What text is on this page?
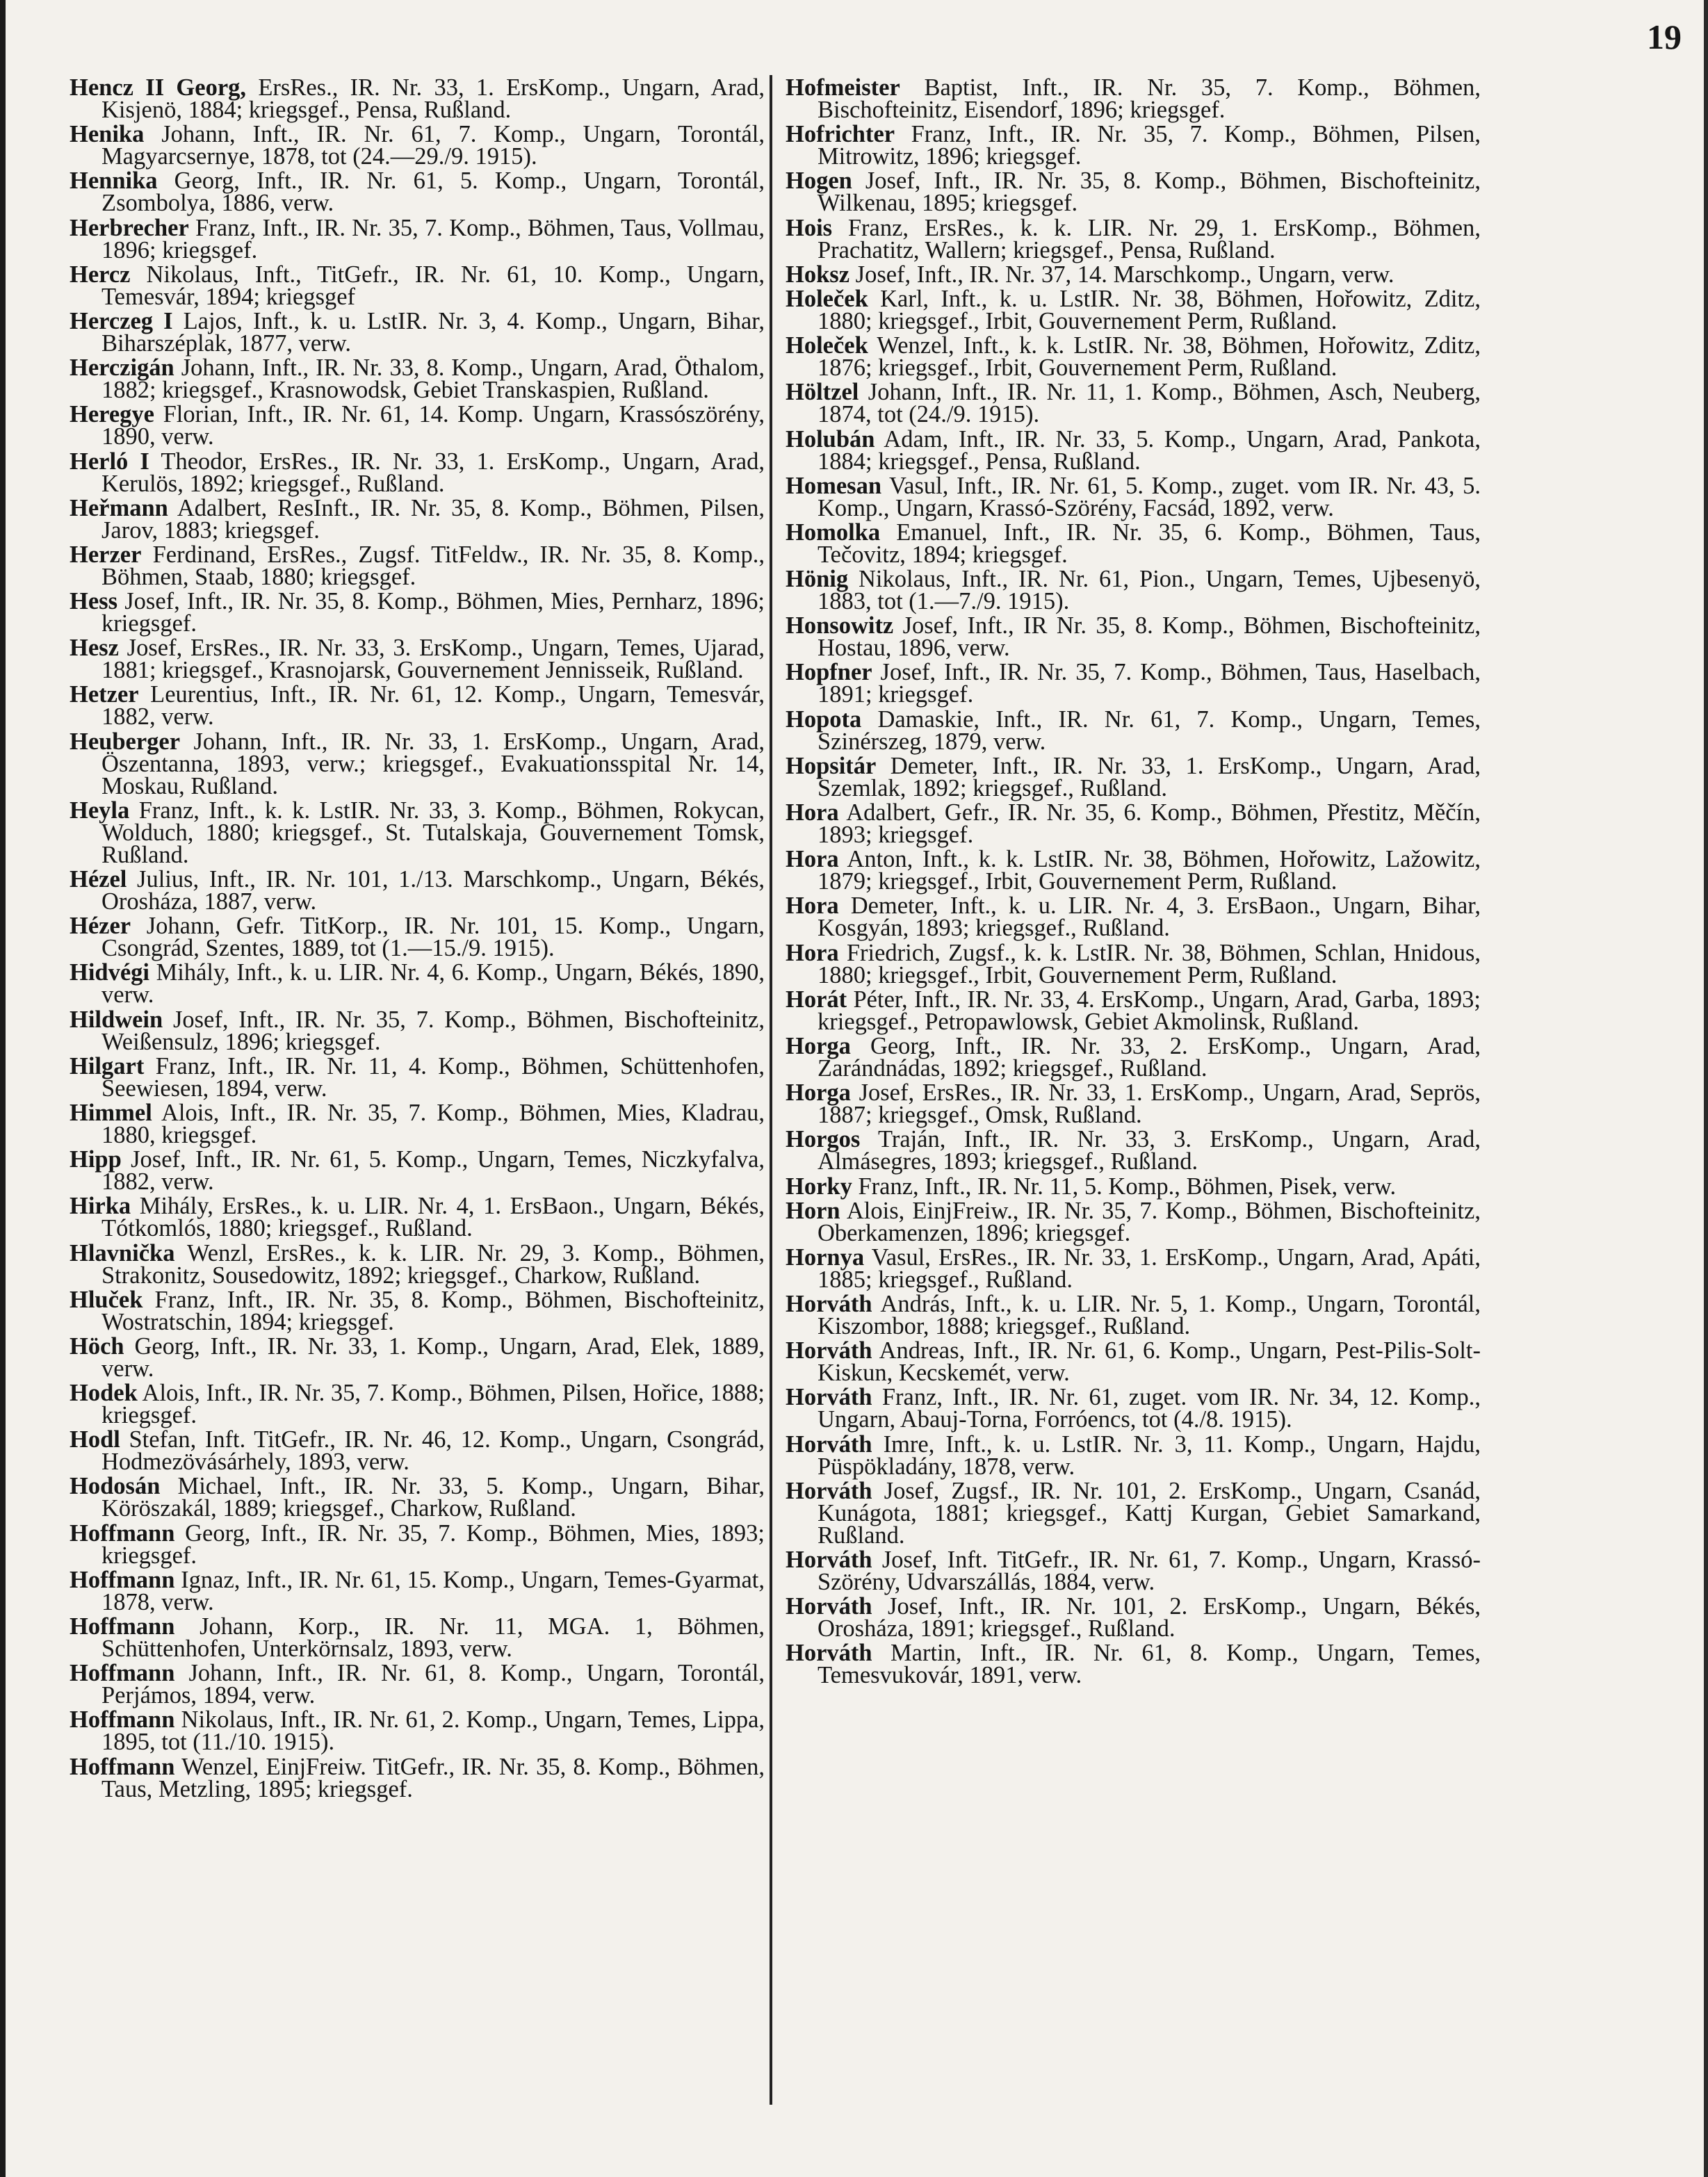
19
Hencz II Georg, ErsRes., IR. Nr. 33, 1. ErsKomp., Ungarn, Arad, Kisjenö, 1884; kriegsgef., Pensa, Rußland.
Henika Johann, Inft., IR. Nr. 61, 7. Komp., Ungarn, Torontál, Magyarcsernye, 1878, tot (24.—29./9. 1915).
Hennika Georg, Inft., IR. Nr. 61, 5. Komp., Ungarn, Torontál, Zsombolya, 1886, verw.
Herbrecher Franz, Inft., IR. Nr. 35, 7. Komp., Böhmen, Taus, Vollmau, 1896; kriegsgef.
Hercz Nikolaus, Inft., TitGefr., IR. Nr. 61, 10. Komp., Ungarn, Temesvár, 1894; kriegsgef
Herczeg I Lajos, Inft., k. u. LstIR. Nr. 3, 4. Komp., Ungarn, Bihar, Biharszéplak, 1877, verw.
Herczigán Johann, Inft., IR. Nr. 33, 8. Komp., Ungarn, Arad, Öthalom, 1882; kriegsgef., Krasnowodsk, Gebiet Transkaspien, Rußland.
Heregye Florian, Inft., IR. Nr. 61, 14. Komp. Ungarn, Krassószörény, 1890, verw.
Herló I Theodor, ErsRes., IR. Nr. 33, 1. ErsKomp., Ungarn, Arad, Kerulös, 1892; kriegsgef., Rußland.
Heřmann Adalbert, ResInft., IR. Nr. 35, 8. Komp., Böhmen, Pilsen, Jarov, 1883; kriegsgef.
Herzer Ferdinand, ErsRes., Zugsf. TitFeldw., IR. Nr. 35, 8. Komp., Böhmen, Staab, 1880; kriegsgef.
Hess Josef, Inft., IR. Nr. 35, 8. Komp., Böhmen, Mies, Pernharz, 1896; kriegsgef.
Hesz Josef, ErsRes., IR. Nr. 33, 3. ErsKomp., Ungarn, Temes, Ujarad, 1881; kriegsgef., Krasnojarsk, Gouvernement Jennisseik, Rußland.
Hetzer Leurentius, Inft., IR. Nr. 61, 12. Komp., Ungarn, Temesvár, 1882, verw.
Heuberger Johann, Inft., IR. Nr. 33, 1. ErsKomp., Ungarn, Arad, Öszentanna, 1893, verw.; kriegsgef., Evakuationsspital Nr. 14, Moskau, Rußland.
Heyla Franz, Inft., k. k. LstIR. Nr. 33, 3. Komp., Böhmen, Rokycan, Wolduch, 1880; kriegsgef., St. Tutalskaja, Gouvernement Tomsk, Rußland.
Hézel Julius, Inft., IR. Nr. 101, 1./13. Marschkomp., Ungarn, Békés, Orosháza, 1887, verw.
Hézer Johann, Gefr. TitKorp., IR. Nr. 101, 15. Komp., Ungarn, Csongrád, Szentes, 1889, tot (1.—15./9. 1915).
Hidvégi Mihály, Inft., k. u. LIR. Nr. 4, 6. Komp., Ungarn, Békés, 1890, verw.
Hildwein Josef, Inft., IR. Nr. 35, 7. Komp., Böhmen, Bischofteinitz, Weißensulz, 1896; kriegsgef.
Hilgart Franz, Inft., IR. Nr. 11, 4. Komp., Böhmen, Schüttenhofen, Seewiesen, 1894, verw.
Himmel Alois, Inft., IR. Nr. 35, 7. Komp., Böhmen, Mies, Kladrau, 1880, kriegsgef.
Hipp Josef, Inft., IR. Nr. 61, 5. Komp., Ungarn, Temes, Niczkyfalva, 1882, verw.
Hirka Mihály, ErsRes., k. u. LIR. Nr. 4, 1. ErsBaon., Ungarn, Békés, Tótkomlós, 1880; kriegsgef., Rußland.
Hlavnička Wenzl, ErsRes., k. k. LIR. Nr. 29, 3. Komp., Böhmen, Strakonitz, Sousedowitz, 1892; kriegsgef., Charkow, Rußland.
Hluček Franz, Inft., IR. Nr. 35, 8. Komp., Böhmen, Bischofteinitz, Wostratschin, 1894; kriegsgef.
Höch Georg, Inft., IR. Nr. 33, 1. Komp., Ungarn, Arad, Elek, 1889, verw.
Hodek Alois, Inft., IR. Nr. 35, 7. Komp., Böhmen, Pilsen, Hořice, 1888; kriegsgef.
Hodl Stefan, Inft. TitGefr., IR. Nr. 46, 12. Komp., Ungarn, Csongrád, Hodmezövásárhely, 1893, verw.
Hodosán Michael, Inft., IR. Nr. 33, 5. Komp., Ungarn, Bihar, Köröszakál, 1889; kriegsgef., Charkow, Rußland.
Hoffmann Georg, Inft., IR. Nr. 35, 7. Komp., Böhmen, Mies, 1893; kriegsgef.
Hoffmann Ignaz, Inft., IR. Nr. 61, 15. Komp., Ungarn, Temes-Gyarmat, 1878, verw.
Hoffmann Johann, Korp., IR. Nr. 11, MGA. 1, Böhmen, Schüttenhofen, Unterkörnsalz, 1893, verw.
Hoffmann Johann, Inft., IR. Nr. 61, 8. Komp., Ungarn, Torontál, Perjámos, 1894, verw.
Hoffmann Nikolaus, Inft., IR. Nr. 61, 2. Komp., Ungarn, Temes, Lippa, 1895, tot (11./10. 1915).
Hoffmann Wenzel, EinjFreiw. TitGefr., IR. Nr. 35, 8. Komp., Böhmen, Taus, Metzling, 1895; kriegsgef.
Hofmeister Baptist, Inft., IR. Nr. 35, 7. Komp., Böhmen, Bischofteinitz, Eisendorf, 1896; kriegsgef.
Hofrichter Franz, Inft., IR. Nr. 35, 7. Komp., Böhmen, Pilsen, Mitrowitz, 1896; kriegsgef.
Hogen Josef, Inft., IR. Nr. 35, 8. Komp., Böhmen, Bischofteinitz, Wilkenau, 1895; kriegsgef.
Hois Franz, ErsRes., k. k. LIR. Nr. 29, 1. ErsKomp., Böhmen, Prachatitz, Wallern; kriegsgef., Pensa, Rußland.
Hoksz Josef, Inft., IR. Nr. 37, 14. Marschkomp., Ungarn, verw.
Holeček Karl, Inft., k. u. LstIR. Nr. 38, Böhmen, Hořowitz, Zditz, 1880; kriegsgef., Irbit, Gouvernement Perm, Rußland.
Holeček Wenzel, Inft., k. k. LstIR. Nr. 38, Böhmen, Hořowitz, Zditz, 1876; kriegsgef., Irbit, Gouvernement Perm, Rußland.
Höltzel Johann, Inft., IR. Nr. 11, 1. Komp., Böhmen, Asch, Neuberg, 1874, tot (24./9. 1915).
Holubán Adam, Inft., IR. Nr. 33, 5. Komp., Ungarn, Arad, Pankota, 1884; kriegsgef., Pensa, Rußland.
Homesan Vasul, Inft., IR. Nr. 61, 5. Komp., zuget. vom IR. Nr. 43, 5. Komp., Ungarn, Krassó-Szörény, Facsád, 1892, verw.
Homolka Emanuel, Inft., IR. Nr. 35, 6. Komp., Böhmen, Taus, Tečovitz, 1894; kriegsgef.
Hönig Nikolaus, Inft., IR. Nr. 61, Pion., Ungarn, Temes, Ujbesenyö, 1883, tot (1.—7./9. 1915).
Honsowitz Josef, Inft., IR Nr. 35, 8. Komp., Böhmen, Bischofteinitz, Hostau, 1896, verw.
Hopfner Josef, Inft., IR. Nr. 35, 7. Komp., Böhmen, Taus, Haselbach, 1891; kriegsgef.
Hopota Damaskie, Inft., IR. Nr. 61, 7. Komp., Ungarn, Temes, Szinérszeg, 1879, verw.
Hopsitár Demeter, Inft., IR. Nr. 33, 1. ErsKomp., Ungarn, Arad, Szemlak, 1892; kriegsgef., Rußland.
Hora Adalbert, Gefr., IR. Nr. 35, 6. Komp., Böhmen, Přestitz, Měčín, 1893; kriegsgef.
Hora Anton, Inft., k. k. LstIR. Nr. 38, Böhmen, Hořowitz, Lažowitz, 1879; kriegsgef., Irbit, Gouvernement Perm, Rußland.
Hora Demeter, Inft., k. u. LIR. Nr. 4, 3. ErsBaon., Ungarn, Bihar, Kosgyán, 1893; kriegsgef., Rußland.
Hora Friedrich, Zugsf., k. k. LstIR. Nr. 38, Böhmen, Schlan, Hnidous, 1880; kriegsgef., Irbit, Gouvernement Perm, Rußland.
Horát Péter, Inft., IR. Nr. 33, 4. ErsKomp., Ungarn, Arad, Garba, 1893; kriegsgef., Petropawlowsk, Gebiet Akmolinsk, Rußland.
Horga Georg, Inft., IR. Nr. 33, 2. ErsKomp., Ungarn, Arad, Zarándnádas, 1892; kriegsgef., Rußland.
Horga Josef, ErsRes., IR. Nr. 33, 1. ErsKomp., Ungarn, Arad, Seprös, 1887; kriegsgef., Omsk, Rußland.
Horgos Traján, Inft., IR. Nr. 33, 3. ErsKomp., Ungarn, Arad, Almásegres, 1893; kriegsgef., Rußland.
Horky Franz, Inft., IR. Nr. 11, 5. Komp., Böhmen, Pisek, verw.
Horn Alois, EinjFreiw., IR. Nr. 35, 7. Komp., Böhmen, Bischofteinitz, Oberkamenzen, 1896; kriegsgef.
Hornya Vasul, ErsRes., IR. Nr. 33, 1. ErsKomp., Ungarn, Arad, Apáti, 1885; kriegsgef., Rußland.
Horváth András, Inft., k. u. LIR. Nr. 5, 1. Komp., Ungarn, Torontál, Kiszombor, 1888; kriegsgef., Rußland.
Horváth Andreas, Inft., IR. Nr. 61, 6. Komp., Ungarn, Pest-Pilis-Solt-Kiskun, Kecskemét, verw.
Horváth Franz, Inft., IR. Nr. 61, zuget. vom IR. Nr. 34, 12. Komp., Ungarn, Abauj-Torna, Forróencs, tot (4./8. 1915).
Horváth Imre, Inft., k. u. LstIR. Nr. 3, 11. Komp., Ungarn, Hajdu, Püspökladány, 1878, verw.
Horváth Josef, Zugsf., IR. Nr. 101, 2. ErsKomp., Ungarn, Csanád, Kunágota, 1881; kriegsgef., Kattj Kurgan, Gebiet Samarkand, Rußland.
Horváth Josef, Inft. TitGefr., IR. Nr. 61, 7. Komp., Ungarn, Krassó-Szörény, Udvarszállás, 1884, verw.
Horváth Josef, Inft., IR. Nr. 101, 2. ErsKomp., Ungarn, Békés, Orosháza, 1891; kriegsgef., Rußland.
Horváth Martin, Inft., IR. Nr. 61, 8. Komp., Ungarn, Temes, Temesvukovár, 1891, verw.
